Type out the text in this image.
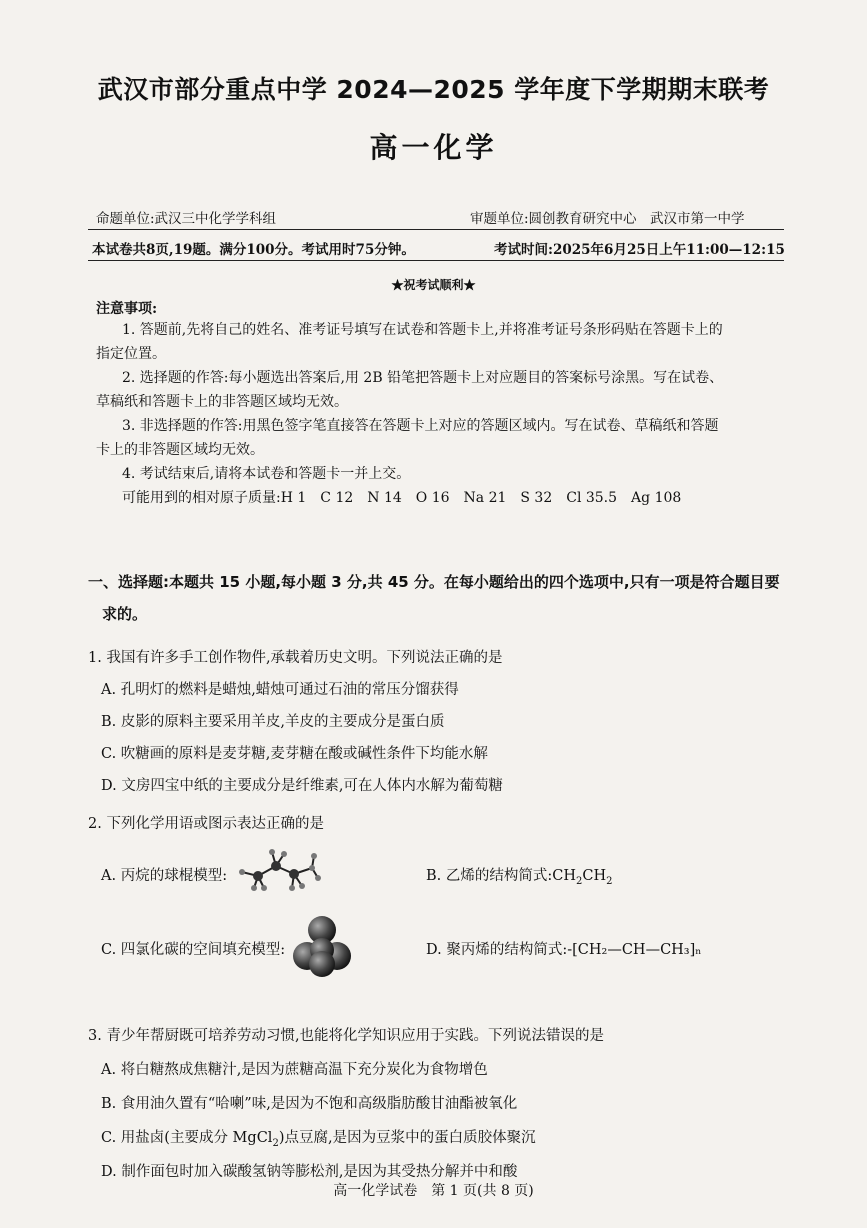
武汉市部分重点中学 2024—2025 学年度下学期期末联考
高一化学
命题单位:武汉三中化学学科组	审题单位:圆创教育研究中心　武汉市第一中学
本试卷共8页,19题。满分100分。考试用时75分钟。	考试时间:2025年6月25日上午11:00—12:15
★祝考试顺利★
注意事项:
1. 答题前,先将自己的姓名、准考证号填写在试卷和答题卡上,并将准考证号条形码贴在答题卡上的
指定位置。
2. 选择题的作答:每小题选出答案后,用 2B 铅笔把答题卡上对应题目的答案标号涂黑。写在试卷、
草稿纸和答题卡上的非答题区域均无效。
3. 非选择题的作答:用黑色签字笔直接答在答题卡上对应的答题区域内。写在试卷、草稿纸和答题
卡上的非答题区域均无效。
4. 考试结束后,请将本试卷和答题卡一并上交。
可能用到的相对原子质量:H 1　C 12　N 14　O 16　Na 21　S 32　Cl 35.5　Ag 108
一、选择题:本题共 15 小题,每小题 3 分,共 45 分。在每小题给出的四个选项中,只有一项是符合题目要
求的。
1. 我国有许多手工创作物件,承载着历史文明。下列说法正确的是
A. 孔明灯的燃料是蜡烛,蜡烛可通过石油的常压分馏获得
B. 皮影的原料主要采用羊皮,羊皮的主要成分是蛋白质
C. 吹糖画的原料是麦芽糖,麦芽糖在酸或碱性条件下均能水解
D. 文房四宝中纸的主要成分是纤维素,可在人体内水解为葡萄糖
2. 下列化学用语或图示表达正确的是
A. 丙烷的球棍模型:	B. 乙烯的结构简式$:CH_2CH_2$
C. 四氯化碳的空间填充模型:	D. 聚丙烯的结构简式:-[CH₂—CH—CH₃]ₙ
3. 青少年帮厨既可培养劳动习惯,也能将化学知识应用于实践。下列说法错误的是
A. 将白糖熬成焦糖汁,是因为蔗糖高温下充分炭化为食物增色
B. 食用油久置有“哈喇”味,是因为不饱和高级脂肪酸甘油酯被氧化
C. 用盐卤(主要成分 MgCl$_2$)点豆腐,是因为豆浆中的蛋白质胶体聚沉
D. 制作面包时加入碳酸氢钠等膨松剂,是因为其受热分解并中和酸
高一化学试卷　第 1 页(共 8 页)
